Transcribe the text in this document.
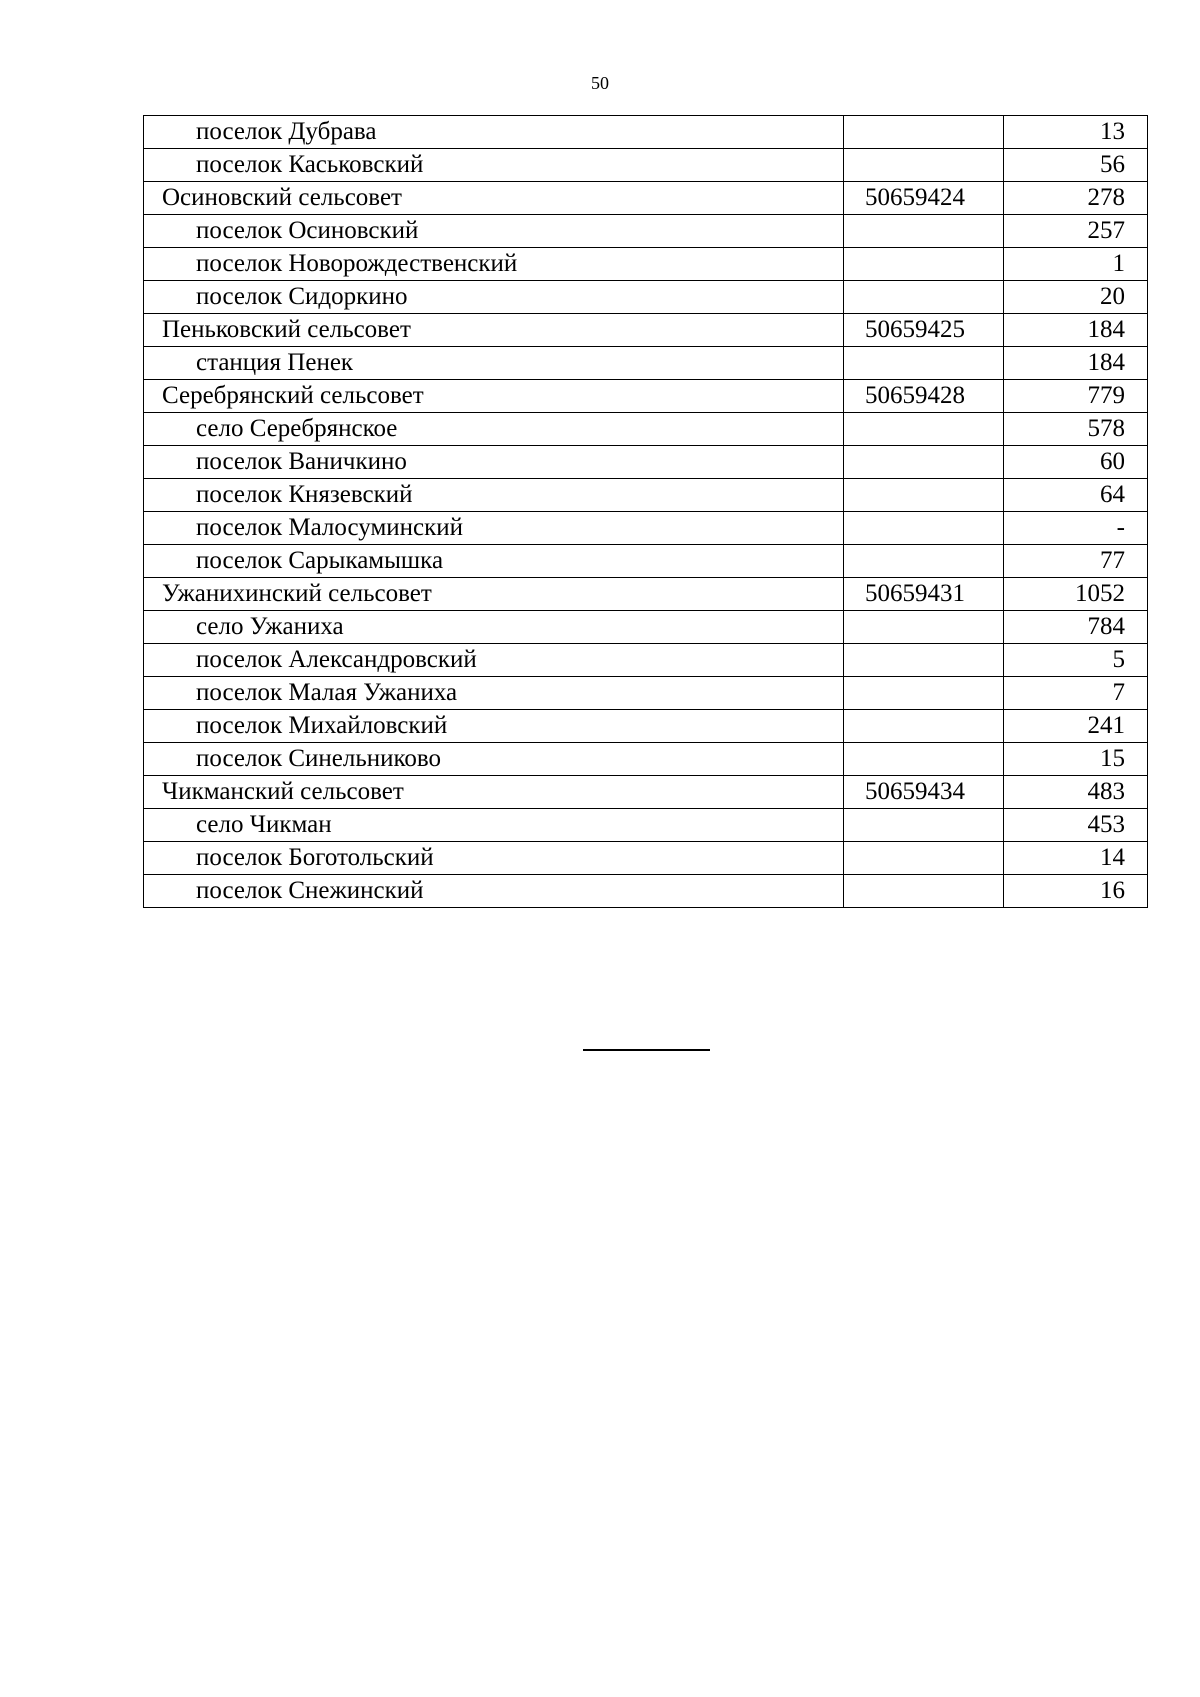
50
поселок Дубрава		13
поселок Каськовский		56
Осиновский сельсовет	50659424	278
поселок Осиновский		257
поселок Новорождественский		1
поселок Сидоркино		20
Пеньковский сельсовет	50659425	184
станция Пенек		184
Серебрянский сельсовет	50659428	779
село Серебрянское		578
поселок Ваничкино		60
поселок Князевский		64
поселок Малосуминский		-
поселок Сарыкамышка		77
Ужанихинский сельсовет	50659431	1052
село Ужаниха		784
поселок Александровский		5
поселок Малая Ужаниха		7
поселок Михайловский		241
поселок Синельниково		15
Чикманский сельсовет	50659434	483
село Чикман		453
поселок Боготольский		14
поселок Снежинский		16
